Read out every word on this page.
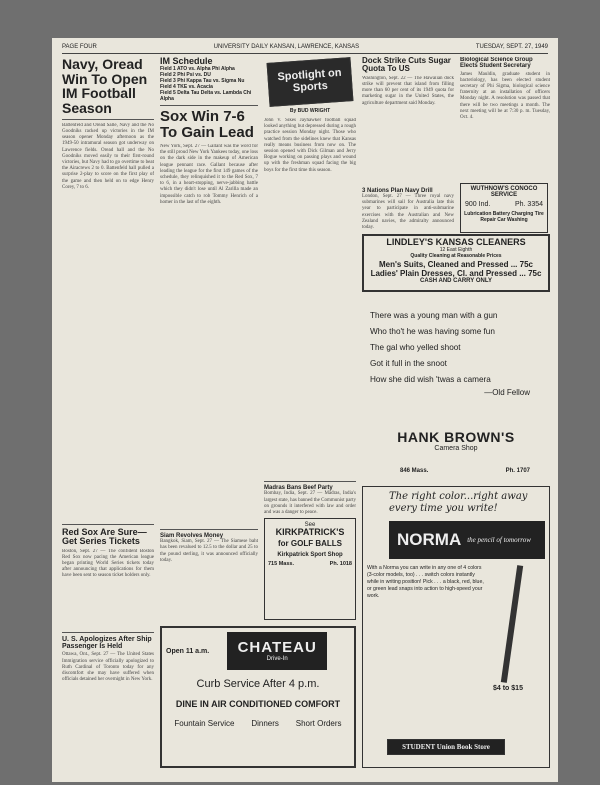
PAGE FOUR	UNIVERSITY DAILY KANSAN, LAWRENCE, KANSAS	TUESDAY, SEPT. 27, 1949
Navy, Oread Win To Open IM Football Season
Battenfeld and Oread Salle, Navy and the No Goodniks racked up victories in the IM season opener Monday afternoon as the 1949-50 intramural season got underway on Lawrence fields. Oread hall and the No Goodniks moved easily to their first-round victories, but Navy had to go overtime to beat the Airacrews 2 to 0. Battenfeld hall pulled a surprise 2-play to score on the first play of the game and then held on to edge Henry Corey, 7 to 6.
Red Sox Are Sure— Get Series Tickets
Boston, Sept. 27 — The confident Boston Red Sox now pacing the American league began printing World Series tickets today after announcing that applications for them have been sent to season ticket holders only.
U. S. Apologizes After Ship Passenger Is Held
Ottawa, Ont., Sept. 27 — The United States Immigration service officially apologized to Ruth Cardinal of Toronto today for any discomfort she may have suffered when officials detained her overnight in New York.
IM Schedule
Field 1 ATO vs. Alpha Phi Alpha
Field 2 Phi Psi vs. DU
Field 3 Phi Kappa Tau vs. Sigma Nu
Field 4 TKE vs. Acacia
Field 5 Delta Tau Delta vs. Lambda Chi Alpha
Sox Win 7-6 To Gain Lead
New York, Sept. 27 — Gallant was the word for the still proud New York Yankees today, one loss on the dark side in the makeup of American league pennant race. Gallant because after leading the league for the first 149 games of the schedule, they relinquished it to the Red Sox, 7 to 6, in a heart-stopping, nerve-jabbing battle which they didn't lose until Al Zarilla made an impossible catch to rob Tommy Henrich of a homer in the last of the eighth.
Siam Revolves Money
Bangkok, Siam, Sept. 27 — The Siamese baht has been revalued to 12.5 to the dollar and 25 to the pound sterling, it was announced officially today.
Spotlight on Sports
By BUD WRIGHT
John V. Sikes Jayhawker football squad looked anything but depressed during a rough practice session Monday night. Those who watched from the sidelines knew that Kansas really means business from now on. The session opened with Dick Gilman and Jerry Bogue working on passing plays and wound up with the freshman squad facing the big boys for the first time this season.
Madras Bans Beef Party
Bombay, India, Sept. 27 — Madras, India's largest state, has banned the Communist party on grounds it interfered with law and order and was a danger to peace.
Dock Strike Cuts Sugar Quota To US
Washington, Sept. 22 — The Hawaiian dock strike will prevent that island from filling more than 60 per cent of its 1949 quota for marketing sugar in the United States, the agriculture department said Monday.
3 Nations Plan Navy Drill
London, Sept. 27 — Three royal navy submarines will sail for Australia late this year to participate in anti-submarine exercises with the Australian and New Zealand navies, the admiralty announced today.
Biological Science Group Elects Student Secretary
James Mauldin, graduate student in bacteriology, has been elected student secretary of Phi Sigma, biological science fraternity at an installation of officers Monday night. A resolution was passed that there will be two meetings a month. The next meeting will be at 7:30 p. m. Tuesday, Oct. 4.
WUTHNOW'S CONOCO SERVICE
900 Ind.	Ph. 3354
Lubrication Battery Charging Tire Repair Car Washing
LINDLEY'S KANSAS CLEANERS
12 East Eighth
Quality Cleaning at Reasonable Prices
Men's Suits, Cleaned and Pressed ... 75c
Ladies' Plain Dresses, Cl. and Pressed ... 75c
CASH AND CARRY ONLY
There was a young man with a gun
Who tho't he was having some fun
The gal who yelled shoot
Got it full in the snoot
How she did wish 'twas a camera
—Old Fellow
HANK BROWN'S
Camera Shop
846 Mass.	Ph. 1707
The right color...right away every time you write!
NORMA the pencil of tomorrow
With a Norma you can write in any one of 4 colors (3-color models, too) . . . switch colors instantly while in writing position! Pick . . . a black, red, blue, or green lead snaps into action to high-speed your work.
$4 to $15
STUDENT Union Book Store
See
KIRKPATRICK'S
for GOLF BALLS
Kirkpatrick Sport Shop
715 Mass.	Ph. 1018
Open 11 a.m. CHATEAU
Drive-In
Curb Service After 4 p.m.
DINE IN AIR CONDITIONED COMFORT
Fountain Service Dinners Short Orders
